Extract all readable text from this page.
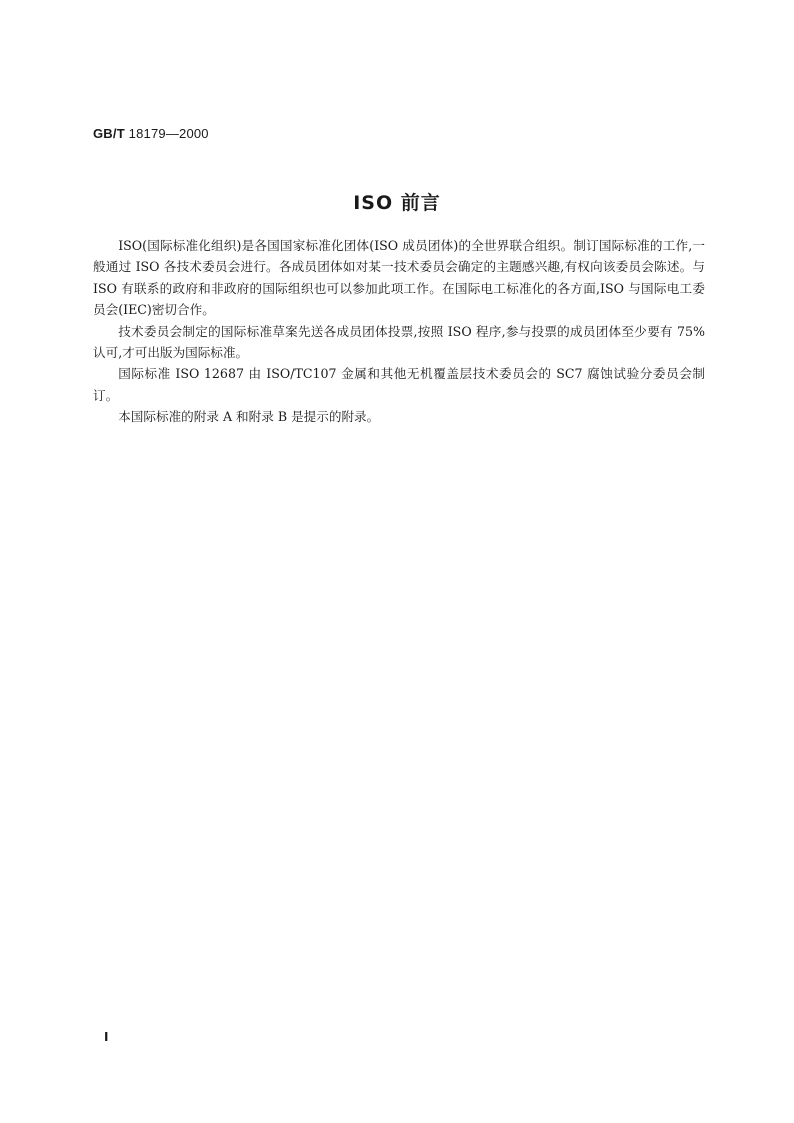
GB/T 18179—2000
ISO 前言

ISO(国际标准化组织)是各国国家标准化团体(ISO 成员团体)的全世界联合组织。制订国际标准的工作,一般通过 ISO 各技术委员会进行。各成员团体如对某一技术委员会确定的主题感兴趣,有权向该委员会陈述。与 ISO 有联系的政府和非政府的国际组织也可以参加此项工作。在国际电工标准化的各方面,ISO 与国际电工委员会(IEC)密切合作。

技术委员会制定的国际标准草案先送各成员团体投票,按照 ISO 程序,参与投票的成员团体至少要有 75%认可,才可出版为国际标准。

国际标准 ISO 12687 由 ISO/TC107 金属和其他无机覆盖层技术委员会的 SC7 腐蚀试验分委员会制订。

本国际标准的附录 A 和附录 B 是提示的附录。

I
